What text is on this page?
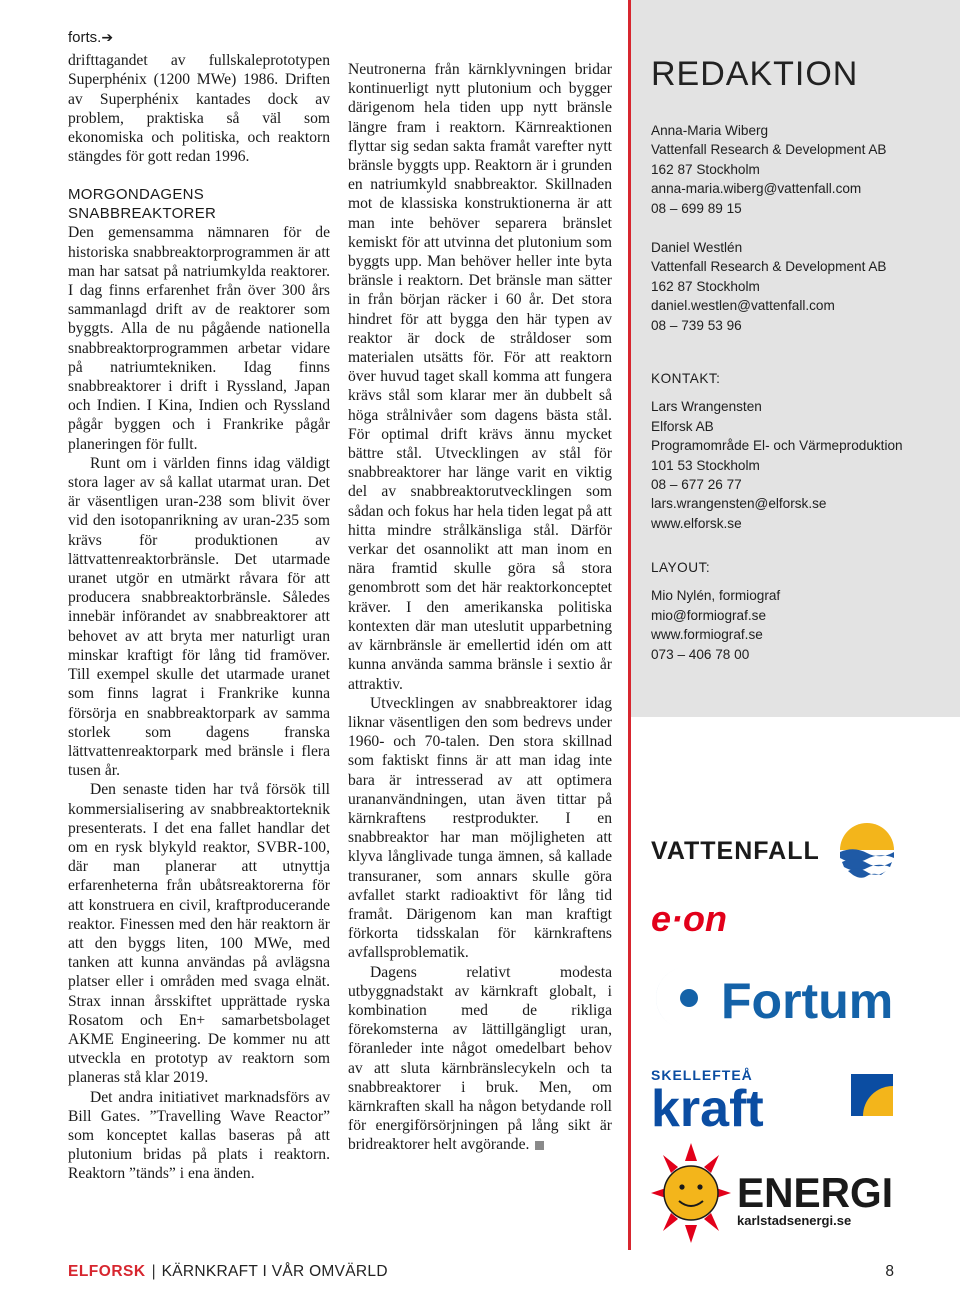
forts.➔

drifttagandet av fullskaleprototypen Superphénix (1200 MWe) 1986. Driften av Superphénix kantades dock av problem, praktiska så väl som ekonomiska och politiska, och reaktorn stängdes för gott redan 1996.

MORGONDAGENS
SNABBREAKTORER

Den gemensamma nämnaren för de historiska snabbreaktorprogrammen är att man har satsat på natriumkylda reaktorer. I dag finns erfarenhet från över 300 års sammanlagd drift av de reaktorer som byggts. Alla de nu pågående nationella snabbreaktorprogrammen arbetar vidare på natriumtekniken. Idag finns snabbreaktorer i drift i Ryssland, Japan och Indien. I Kina, Indien och Ryssland pågår byggen och i Frankrike pågår planeringen för fullt.

Runt om i världen finns idag väldigt stora lager av så kallat utarmat uran. Det är väsentligen uran-238 som blivit över vid den isotopanrikning av uran-235 som krävs för produktionen av lättvattenreaktorbränsle. Det utarmade uranet utgör en utmärkt råvara för att producera snabbreaktorbränsle. Således innebär införandet av snabbreaktorer att behovet av att bryta mer naturligt uran minskar kraftigt för lång tid framöver. Till exempel skulle det utarmade uranet som finns lagrat i Frankrike kunna försörja en snabbreaktorpark av samma storlek som dagens franska lättvattenreaktorpark med bränsle i flera tusen år.

Den senaste tiden har två försök till kommersialisering av snabbreaktorteknik presenterats. I det ena fallet handlar det om en rysk blykyld reaktor, SVBR-100, där man planerar att utnyttja erfarenheterna från ubåtsreaktorerna för att konstruera en civil, kraftproducerande reaktor. Finessen med den här reaktorn är att den byggs liten, 100 MWe, med tanken att kunna användas på avlägsna platser eller i områden med svaga elnät. Strax innan årsskiftet upprättade ryska Rosatom och En+ samarbetsbolaget AKME Engineering. De kommer nu att utveckla en prototyp av reaktorn som planeras stå klar 2019.

Det andra initiativet marknadsförs av Bill Gates. ”Travelling Wave Reactor” som konceptet kallas baseras på att plutonium bridas på plats i reaktorn. Reaktorn ”tänds” i ena änden.

Neutronerna från kärnklyvningen bridar kontinuerligt nytt plutonium och bygger därigenom hela tiden upp nytt bränsle längre fram i reaktorn. Kärnreaktionen flyttar sig sedan sakta framåt varefter nytt bränsle byggts upp. Reaktorn är i grunden en natriumkyld snabbreaktor. Skillnaden mot de klassiska konstruktionerna är att man inte behöver separera bränslet kemiskt för att utvinna det plutonium som byggts upp. Man behöver heller inte byta bränsle i reaktorn. Det bränsle man sätter in från början räcker i 60 år. Det stora hindret för att bygga den här typen av reaktor är dock de stråldoser som materialen utsätts för. För att reaktorn över huvud taget skall komma att fungera krävs stål som klarar mer än dubbelt så höga strålnivåer som dagens bästa stål. För optimal drift krävs ännu mycket bättre stål. Utvecklingen av stål för snabbreaktorer har länge varit en viktig del av snabbreaktorutvecklingen som sådan och fokus har hela tiden legat på att hitta mindre strålkänsliga stål. Därför verkar det osannolikt att man inom en nära framtid skulle göra så stora genombrott som det här reaktorkonceptet kräver. I den amerikanska politiska kontexten där man uteslutit upparbetning av kärnbränsle är emellertid idén om att kunna använda samma bränsle i sextio år attraktiv.

Utvecklingen av snabbreaktorer idag liknar väsentligen den som bedrevs under 1960- och 70-talen. Den stora skillnad som faktiskt finns är att man idag inte bara är intresserad av att optimera urananvändningen, utan även tittar på kärnkraftens restprodukter. I en snabbreaktor har man möjligheten att klyva långlivade tunga ämnen, så kallade transuraner, som annars skulle göra avfallet starkt radioaktivt för lång tid framåt. Därigenom kan man kraftigt förkorta tidsskalan för kärnkraftens avfallsproblematik.

Dagens relativt modesta utbyggnadstakt av kärnkraft globalt, i kombination med de rikliga förekomsterna av lättillgängligt uran, föranleder inte något omedelbart behov av att sluta kärnbränslecykeln och ta snabbreaktorer i bruk. Men, om kärnkraften skall ha någon betydande roll för energiförsörjningen på lång sikt är bridreaktorer helt avgörande.

REDAKTION
Anna-Maria Wiberg
Vattenfall Research & Development AB
162 87 Stockholm
anna-maria.wiberg@vattenfall.com
08 – 699 89 15
Daniel Westlén
Vattenfall Research & Development AB
162 87 Stockholm
daniel.westlen@vattenfall.com
08 – 739 53 96
KONTAKT:
Lars Wrangensten
Elforsk AB
Programområde El- och Värmeproduktion
101 53 Stockholm
08 – 677 26 77
lars.wrangensten@elforsk.se
www.elforsk.se
LAYOUT:
Mio Nylén, formiograf
mio@formiograf.se
www.formiograf.se
073 – 406 78 00
VATTENFALL
e·on
Fortum
SKELLEFTEÅ
kraft
ENERGI
karlstadsenergi.se
ELFORSK | KÄRNKRAFT I VÅR OMVÄRLD	8
